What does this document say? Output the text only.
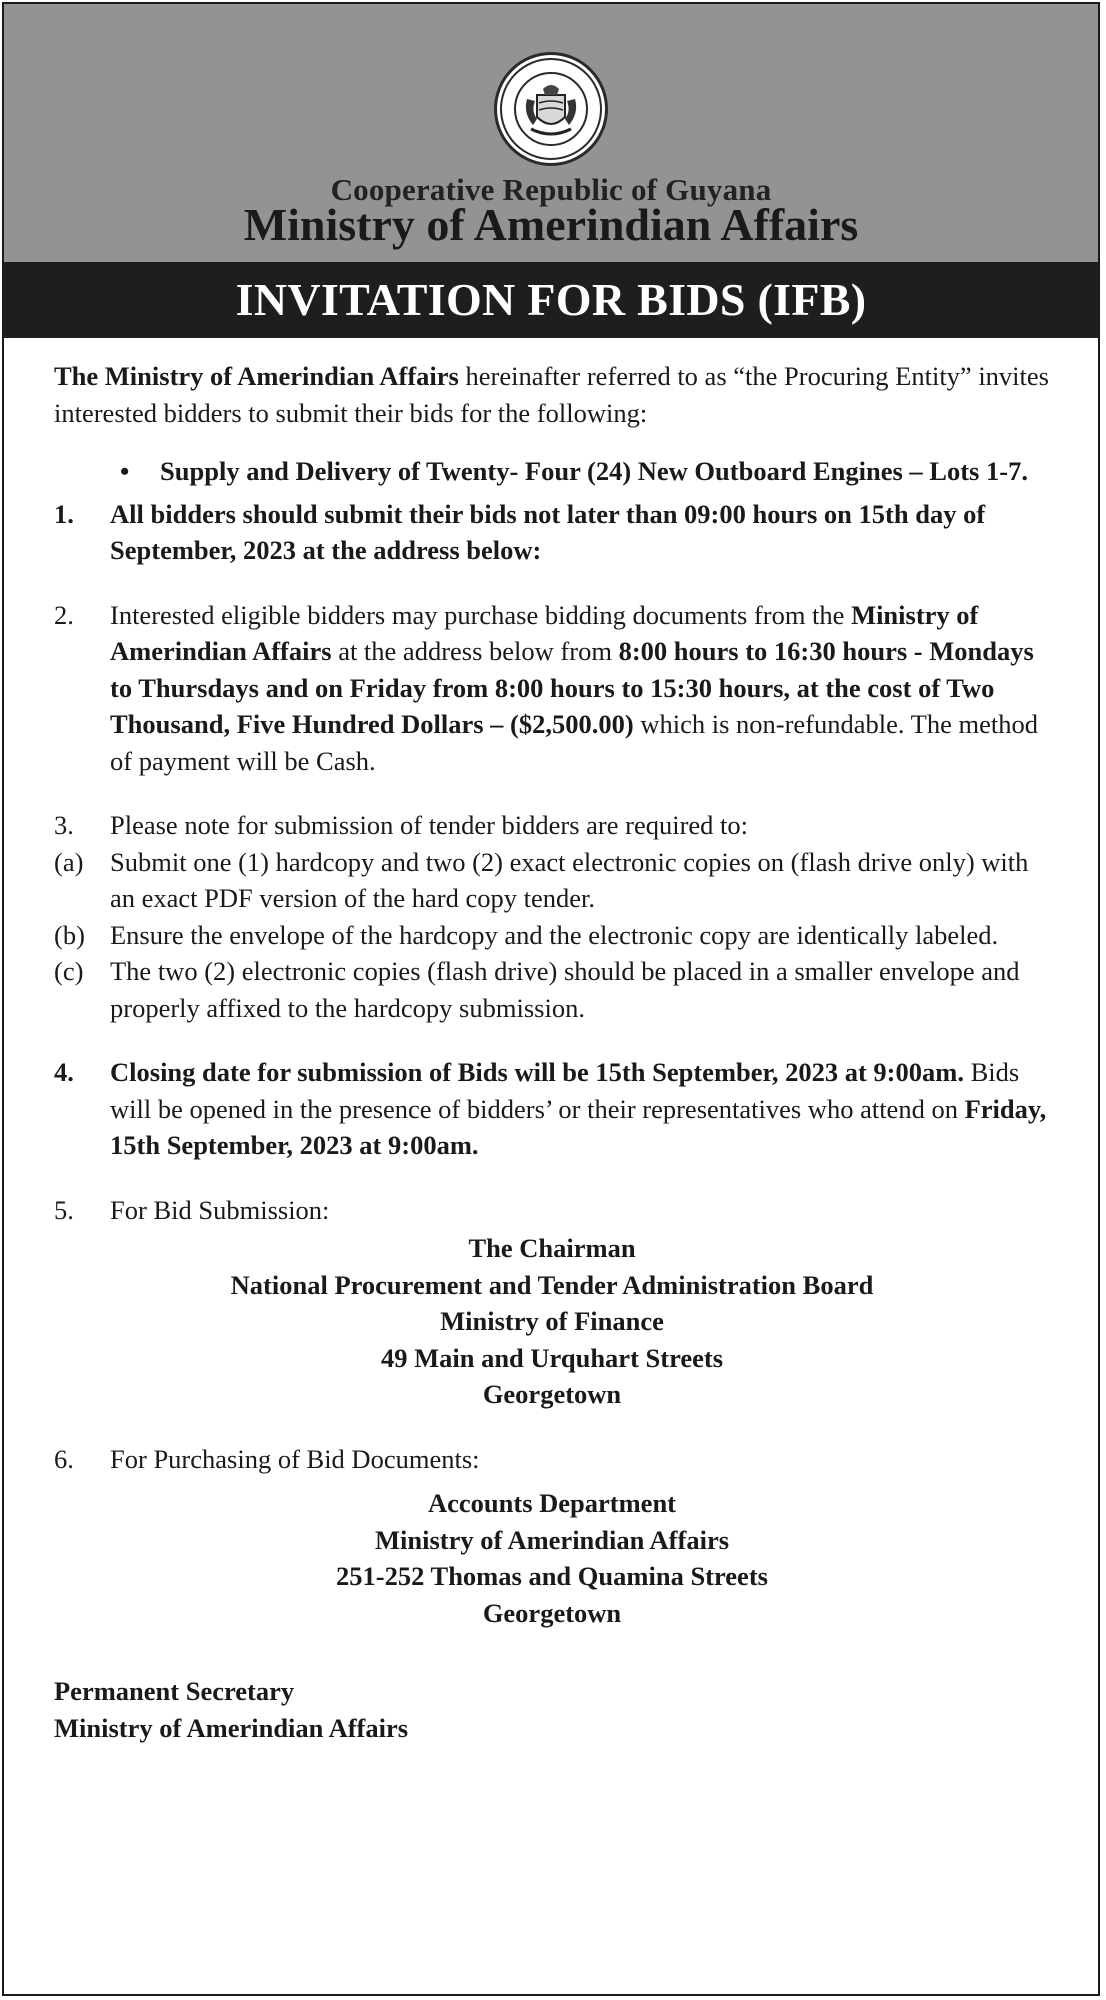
Cooperative Republic of Guyana
Ministry of Amerindian Affairs
INVITATION FOR BIDS (IFB)

The Ministry of Amerindian Affairs hereinafter referred to as “the Procuring Entity” invites interested bidders to submit their bids for the following:

• Supply and Delivery of Twenty- Four (24) New Outboard Engines – Lots 1-7.
1. All bidders should submit their bids not later than 09:00 hours on 15th day of September, 2023 at the address below:
2. Interested eligible bidders may purchase bidding documents from the Ministry of Amerindian Affairs at the address below from 8:00 hours to 16:30 hours - Mondays to Thursdays and on Friday from 8:00 hours to 15:30 hours, at the cost of Two Thousand, Five Hundred Dollars – ($2,500.00) which is non-refundable. The method of payment will be Cash.
3. Please note for submission of tender bidders are required to:
(a) Submit one (1) hardcopy and two (2) exact electronic copies on (flash drive only) with an exact PDF version of the hard copy tender.
(b) Ensure the envelope of the hardcopy and the electronic copy are identically labeled.
(c) The two (2) electronic copies (flash drive) should be placed in a smaller envelope and properly affixed to the hardcopy submission.
4. Closing date for submission of Bids will be 15th September, 2023 at 9:00am. Bids will be opened in the presence of bidders’ or their representatives who attend on Friday, 15th September, 2023 at 9:00am.
5. For Bid Submission:
The Chairman
National Procurement and Tender Administration Board
Ministry of Finance
49 Main and Urquhart Streets
Georgetown
6. For Purchasing of Bid Documents:
Accounts Department
Ministry of Amerindian Affairs
251-252 Thomas and Quamina Streets
Georgetown
Permanent Secretary
Ministry of Amerindian Affairs
